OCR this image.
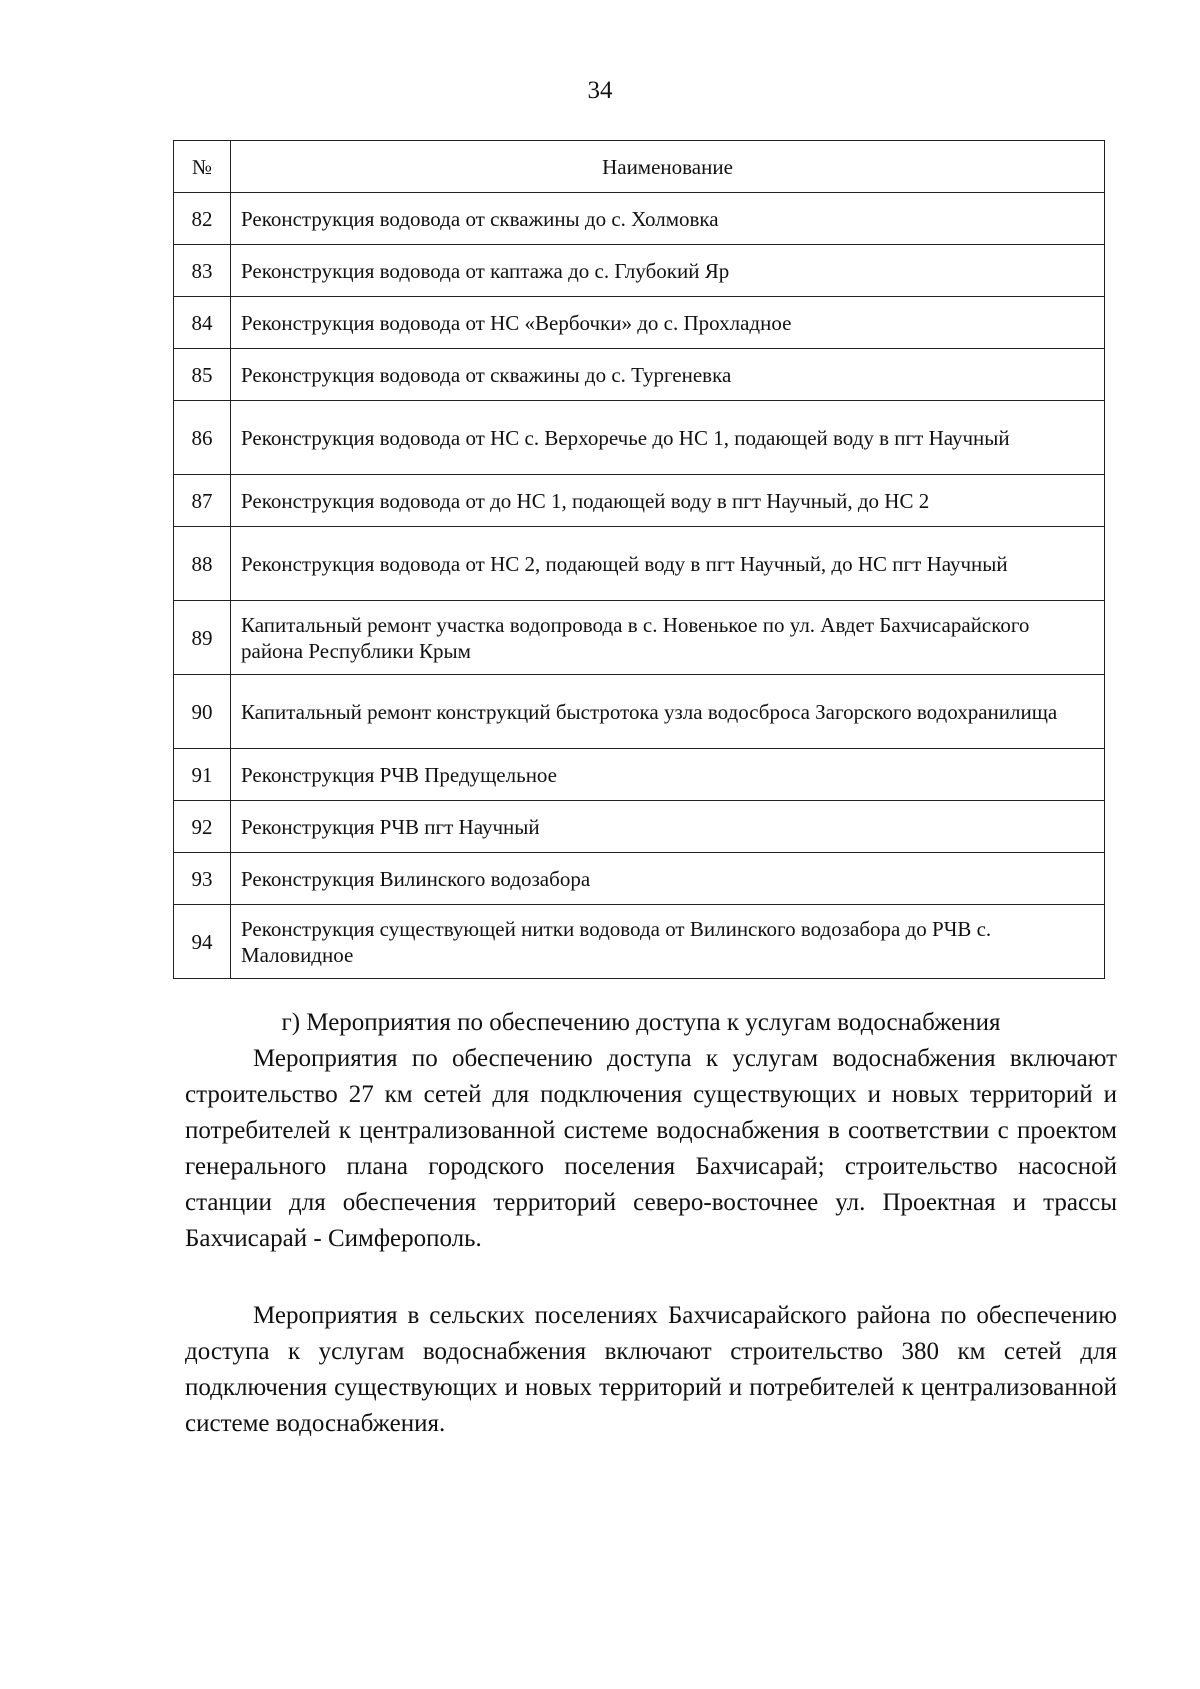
34
№	Наименование
82	Реконструкция водовода от скважины до с. Холмовка
83	Реконструкция водовода от каптажа до с. Глубокий Яр
84	Реконструкция водовода от НС «Вербочки» до с. Прохладное
85	Реконструкция водовода от скважины до с. Тургеневка
86	Реконструкция водовода от НС с. Верхоречье до НС 1, подающей воду в пгт Научный
87	Реконструкция водовода от до НС 1, подающей воду в пгт Научный, до НС 2
88	Реконструкция водовода от НС 2, подающей воду в пгт Научный, до НС пгт Научный
89	Капитальный ремонт участка водопровода в с. Новенькое по ул. Авдет Бахчисарайского района Республики Крым
90	Капитальный ремонт конструкций быстротока узла водосброса Загорского водохранилища
91	Реконструкция РЧВ Предущельное
92	Реконструкция РЧВ пгт Научный
93	Реконструкция Вилинского водозабора
94	Реконструкция существующей нитки водовода от Вилинского водозабора до РЧВ с. Маловидное
г) Мероприятия по обеспечению доступа к услугам водоснабжения
Мероприятия по обеспечению доступа к услугам водоснабжения включают строительство 27 км сетей для подключения существующих и новых территорий и потребителей к централизованной системе водоснабжения в соответствии с проектом генерального плана городского поселения Бахчисарай; строительство насосной станции для обеспечения территорий северо-восточнее ул. Проектная и трассы Бахчисарай - Симферополь.
Мероприятия в сельских поселениях Бахчисарайского района по обеспечению доступа к услугам водоснабжения включают строительство 380 км сетей для подключения существующих и новых территорий и потребителей к централизованной системе водоснабжения.
